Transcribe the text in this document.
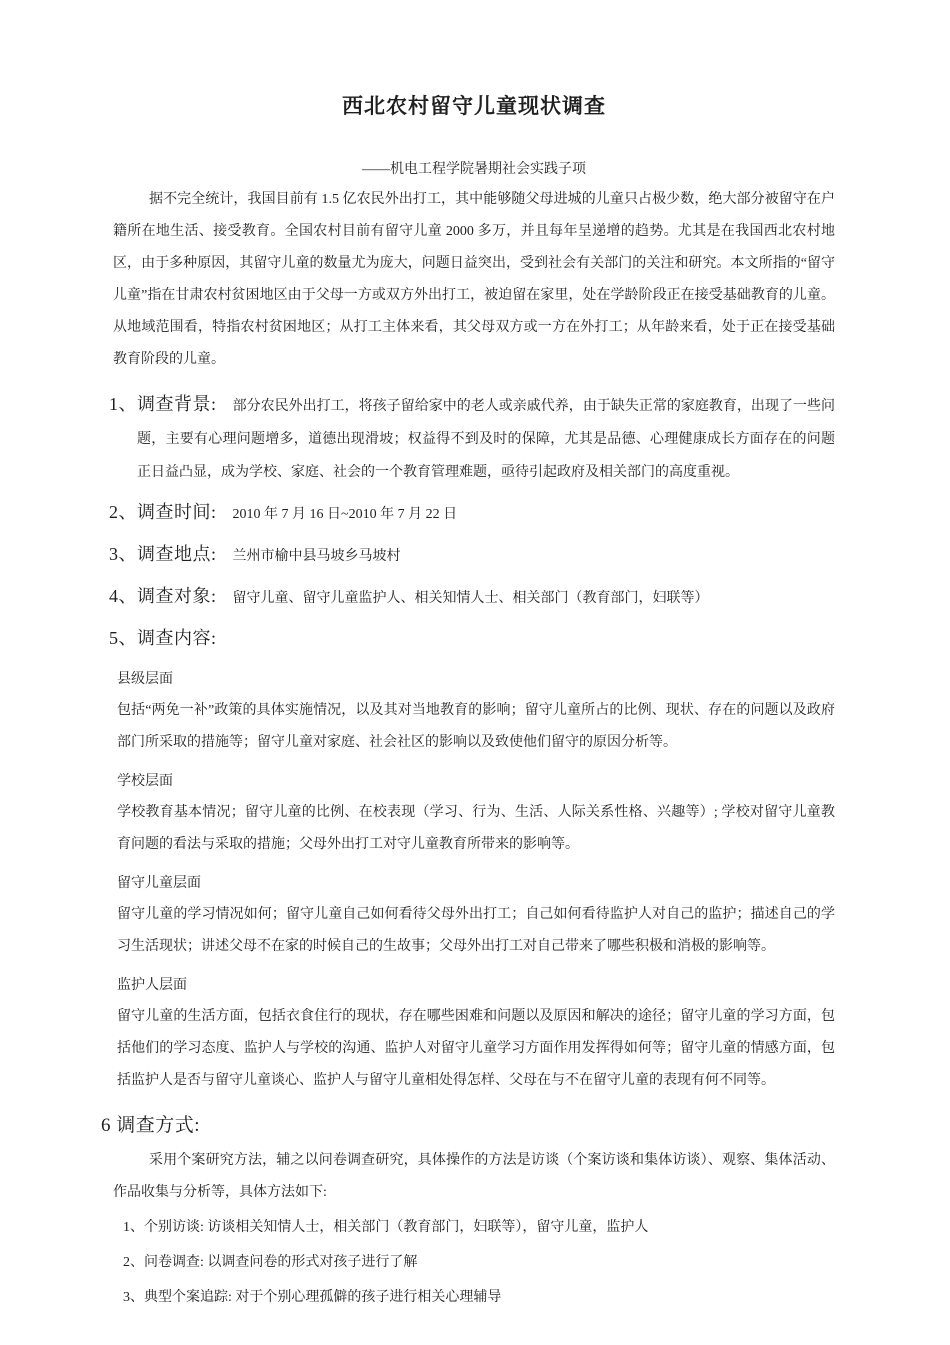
西北农村留守儿童现状调查
——机电工程学院暑期社会实践子项

据不完全统计，我国目前有 1.5 亿农民外出打工，其中能够随父母进城的儿童只占极少数，绝大部分被留守在户籍所在地生活、接受教育。全国农村目前有留守儿童 2000 多万，并且每年呈递增的趋势。尤其是在我国西北农村地区，由于多种原因，其留守儿童的数量尤为庞大，问题日益突出，受到社会有关部门的关注和研究。本文所指的“留守儿童”指在甘肃农村贫困地区由于父母一方或双方外出打工，被迫留在家里，处在学龄阶段正在接受基础教育的儿童。从地域范围看，特指农村贫困地区；从打工主体来看，其父母双方或一方在外打工；从年龄来看，处于正在接受基础教育阶段的儿童。

1、调查背景: 部分农民外出打工，将孩子留给家中的老人或亲戚代养，由于缺失正常的家庭教育，出现了一些问题，主要有心理问题增多，道德出现滑坡；权益得不到及时的保障，尤其是品德、心理健康成长方面存在的问题正日益凸显，成为学校、家庭、社会的一个教育管理难题，亟待引起政府及相关部门的高度重视。

2、调查时间: 2010 年 7 月 16 日~2010 年 7 月 22 日

3、调查地点: 兰州市榆中县马坡乡马坡村

4、调查对象: 留守儿童、留守儿童监护人、相关知情人士、相关部门（教育部门，妇联等）

5、调查内容:

县级层面

包括“两免一补”政策的具体实施情况，以及其对当地教育的影响；留守儿童所占的比例、现状、存在的问题以及政府部门所采取的措施等；留守儿童对家庭、社会社区的影响以及致使他们留守的原因分析等。

学校层面

学校教育基本情况；留守儿童的比例、在校表现（学习、行为、生活、人际关系性格、兴趣等）; 学校对留守儿童教育问题的看法与采取的措施；父母外出打工对守儿童教育所带来的影响等。

留守儿童层面

留守儿童的学习情况如何；留守儿童自己如何看待父母外出打工；自己如何看待监护人对自己的监护；描述自己的学习生活现状；讲述父母不在家的时候自己的生故事；父母外出打工对自己带来了哪些积极和消极的影响等。

监护人层面

留守儿童的生活方面，包括衣食住行的现状，存在哪些困难和问题以及原因和解决的途径；留守儿童的学习方面，包括他们的学习态度、监护人与学校的沟通、监护人对留守儿童学习方面作用发挥得如何等；留守儿童的情感方面，包括监护人是否与留守儿童谈心、监护人与留守儿童相处得怎样、父母在与不在留守儿童的表现有何不同等。

6 调查方式:

采用个案研究方法，辅之以问卷调查研究，具体操作的方法是访谈（个案访谈和集体访谈）、观察、集体活动、作品收集与分析等，具体方法如下:

1、个别访谈: 访谈相关知情人士，相关部门（教育部门，妇联等），留守儿童，监护人

2、问卷调查: 以调查问卷的形式对孩子进行了解

3、典型个案追踪: 对于个别心理孤僻的孩子进行相关心理辅导
